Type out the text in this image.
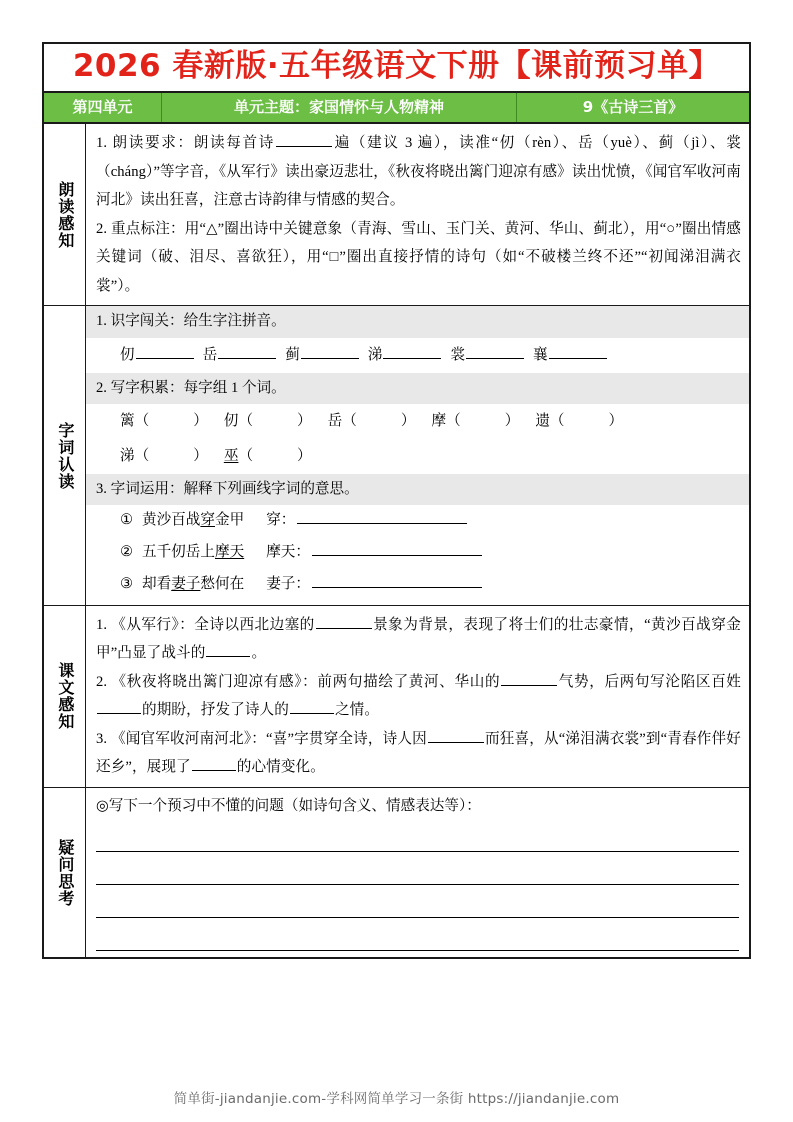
2026 春新版·五年级语文下册【课前预习单】
第四单元	单元主题：家国情怀与人物精神	9《古诗三首》
朗读感知
1. 朗读要求：朗读每首诗	遍（建议 3 遍），读准“仞（rèn）、岳（yuè）、蓟（jì）、裳（cháng）”等字音，《从军行》读出豪迈悲壮，《秋夜将晓出篱门迎凉有感》读出忧愤，《闻官军收河南河北》读出狂喜，注意古诗韵律与情感的契合。
2. 重点标注：用“△”圈出诗中关键意象（青海、雪山、玉门关、黄河、华山、蓟北），用“○”圈出情感关键词（破、泪尽、喜欲狂），用“□”圈出直接抒情的诗句（如“不破楼兰终不还”“初闻涕泪满衣裳”）。
字词认读
1. 识字闯关：给生字注拼音。
仞	岳	蓟	涕	裳	襄
2. 写字积累：每字组 1 个词。
篱（	） 仞（	） 岳（	） 摩（	） 遗（	）
涕（	） 巫（	）
3. 字词运用：解释下列画线字词的意思。
① 黄沙百战穿金甲 穿：
② 五千仞岳上摩天 摩天：
③ 却看妻子愁何在 妻子：
课文感知
1. 《从军行》：全诗以西北边塞的	景象为背景，表现了将士们的壮志豪情，“黄沙百战穿金甲”凸显了战斗的	。
2. 《秋夜将晓出篱门迎凉有感》：前两句描绘了黄河、华山的	气势，后两句写沦陷区百姓的期盼，抒发了诗人的	之情。
3. 《闻官军收河南河北》：“喜”字贯穿全诗，诗人因	而狂喜，从“涕泪满衣裳”到“青春作伴好还乡”，展现了	的心情变化。
疑问思考
◎写下一个预习中不懂的问题（如诗句含义、情感表达等）：
简单街-jiandanjie.com-学科网简单学习一条街 https://jiandanjie.com
